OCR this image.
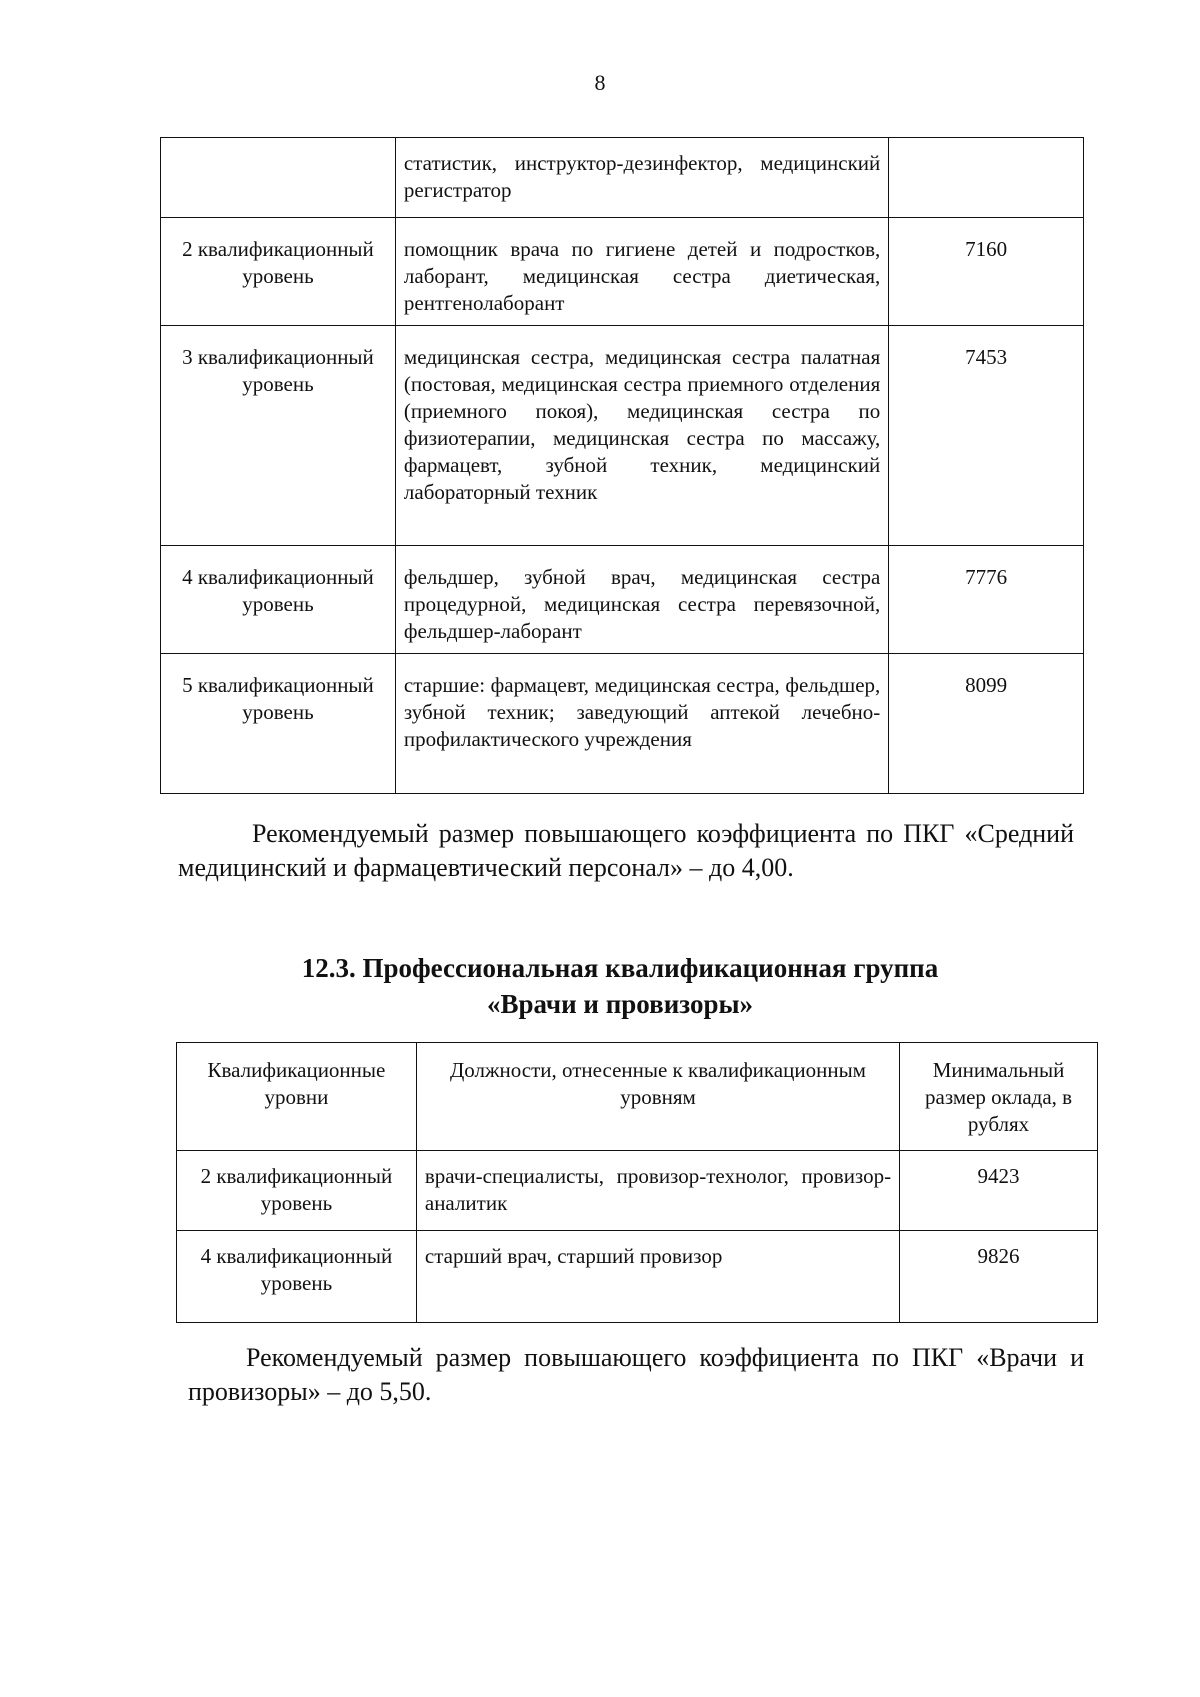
8
	статистик, инструктор-дезинфектор, медицинский регистратор	
2 квалификационный уровень	помощник врача по гигиене детей и подростков, лаборант, медицинская сестра диетическая, рентгенолаборант	7160
3 квалификационный уровень	медицинская сестра, медицинская сестра палатная (постовая, медицинская сестра приемного отделения (приемного покоя), медицинская сестра по физиотерапии, медицинская сестра по массажу, фармацевт, зубной техник, медицинский лабораторный техник	7453
4 квалификационный уровень	фельдшер, зубной врач, медицинская сестра процедурной, медицинская сестра перевязочной, фельдшер-лаборант	7776
5 квалификационный уровень	старшие: фармацевт, медицинская сестра, фельдшер, зубной техник; заведующий аптекой лечебно-профилактического учреждения	8099
Рекомендуемый размер повышающего коэффициента по ПКГ «Средний медицинский и фармацевтический персонал» – до 4,00.
12.3. Профессиональная квалификационная группа
«Врачи и провизоры»
Квалификационные уровни	Должности, отнесенные к квалификационным уровням	Минимальный размер оклада, в рублях
2 квалификационный уровень	врачи-специалисты, провизор-технолог, провизор-аналитик	9423
4 квалификационный уровень	старший врач, старший провизор	9826
Рекомендуемый размер повышающего коэффициента по ПКГ «Врачи и провизоры» – до 5,50.
